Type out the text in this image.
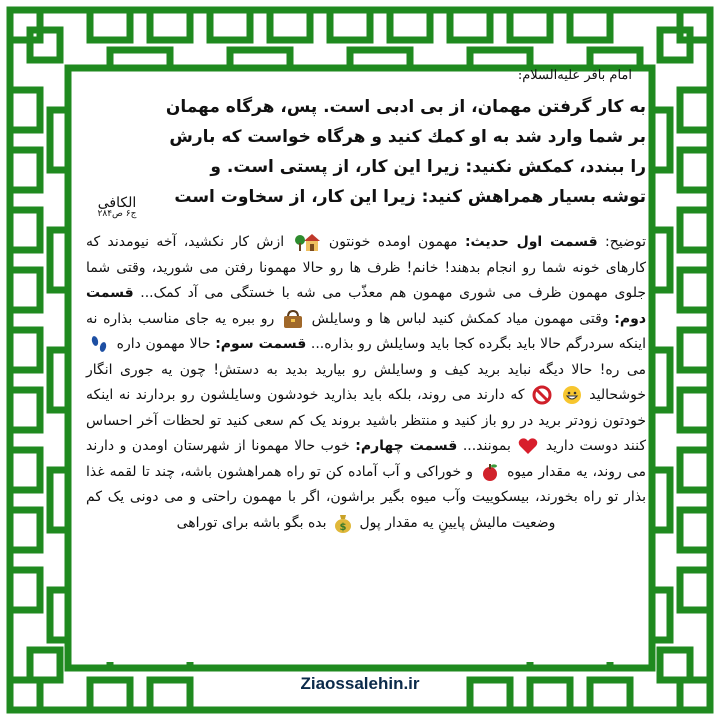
امام باقر علیه‌السلام:
به کار گرفتن مهمان، از بی ادبی است. پس، هرگاه مهمان
بر شما وارد شد به او کمك کنید و هرگاه خواست که بارش
را ببندد، کمکش نکنید: زیرا این کار، از پستی است. و
توشه بسیار همراهش کنید: زیرا این کار، از سخاوت است
الکافی
ج۶ ص۲۸۴
توضیح: قسمت اول حدیث: مهمون اومده خونتون  ازش کار نکشید، آخه نیومدند که کارهای خونه شما رو انجام بدهند! خانم! ظرف ها رو حالا مهمونا رفتن می شورید، وقتی شما جلوی مهمون ظرف می شوری مهمون هم معذّب می شه با خستگی می آد کمک... قسمت دوم: وقتی مهمون میاد کمکش کنید لباس ها و وسایلش  رو ببره یه جای مناسب بذاره نه اینکه سردرگم حالا باید بگرده کجا باید وسایلش رو بذاره... قسمت سوم: حالا مهمون داره  می ره! حالا دیگه نباید برید کیف و وسایلش رو بیارید بدید به دستش! چون یه جوری انگار خوشحالید   که دارند می روند، بلکه باید بذارید خودشون وسایلشون رو بردارند نه اینکه خودتون زودتر برید در رو باز کنید و منتظر باشید بروند یک کم سعی کنید تو لحظات آخر احساس کنند دوست دارید  بمونند... قسمت چهارم: خوب حالا مهمونا از شهرستان اومدن و دارند می روند، یه مقدار میوه  و خوراکی و آب آماده کن تو راه همراهشون باشه، چند تا لقمه غذا بذار تو راه بخورند، بیسکوییت وآب میوه بگیر براشون، اگر با مهمون راحتی و می دونی یک کم وضعیت مالیش پایینِ یه مقدار پول
$
بده بگو باشه برای توراهی
Ziaossalehin.ir
